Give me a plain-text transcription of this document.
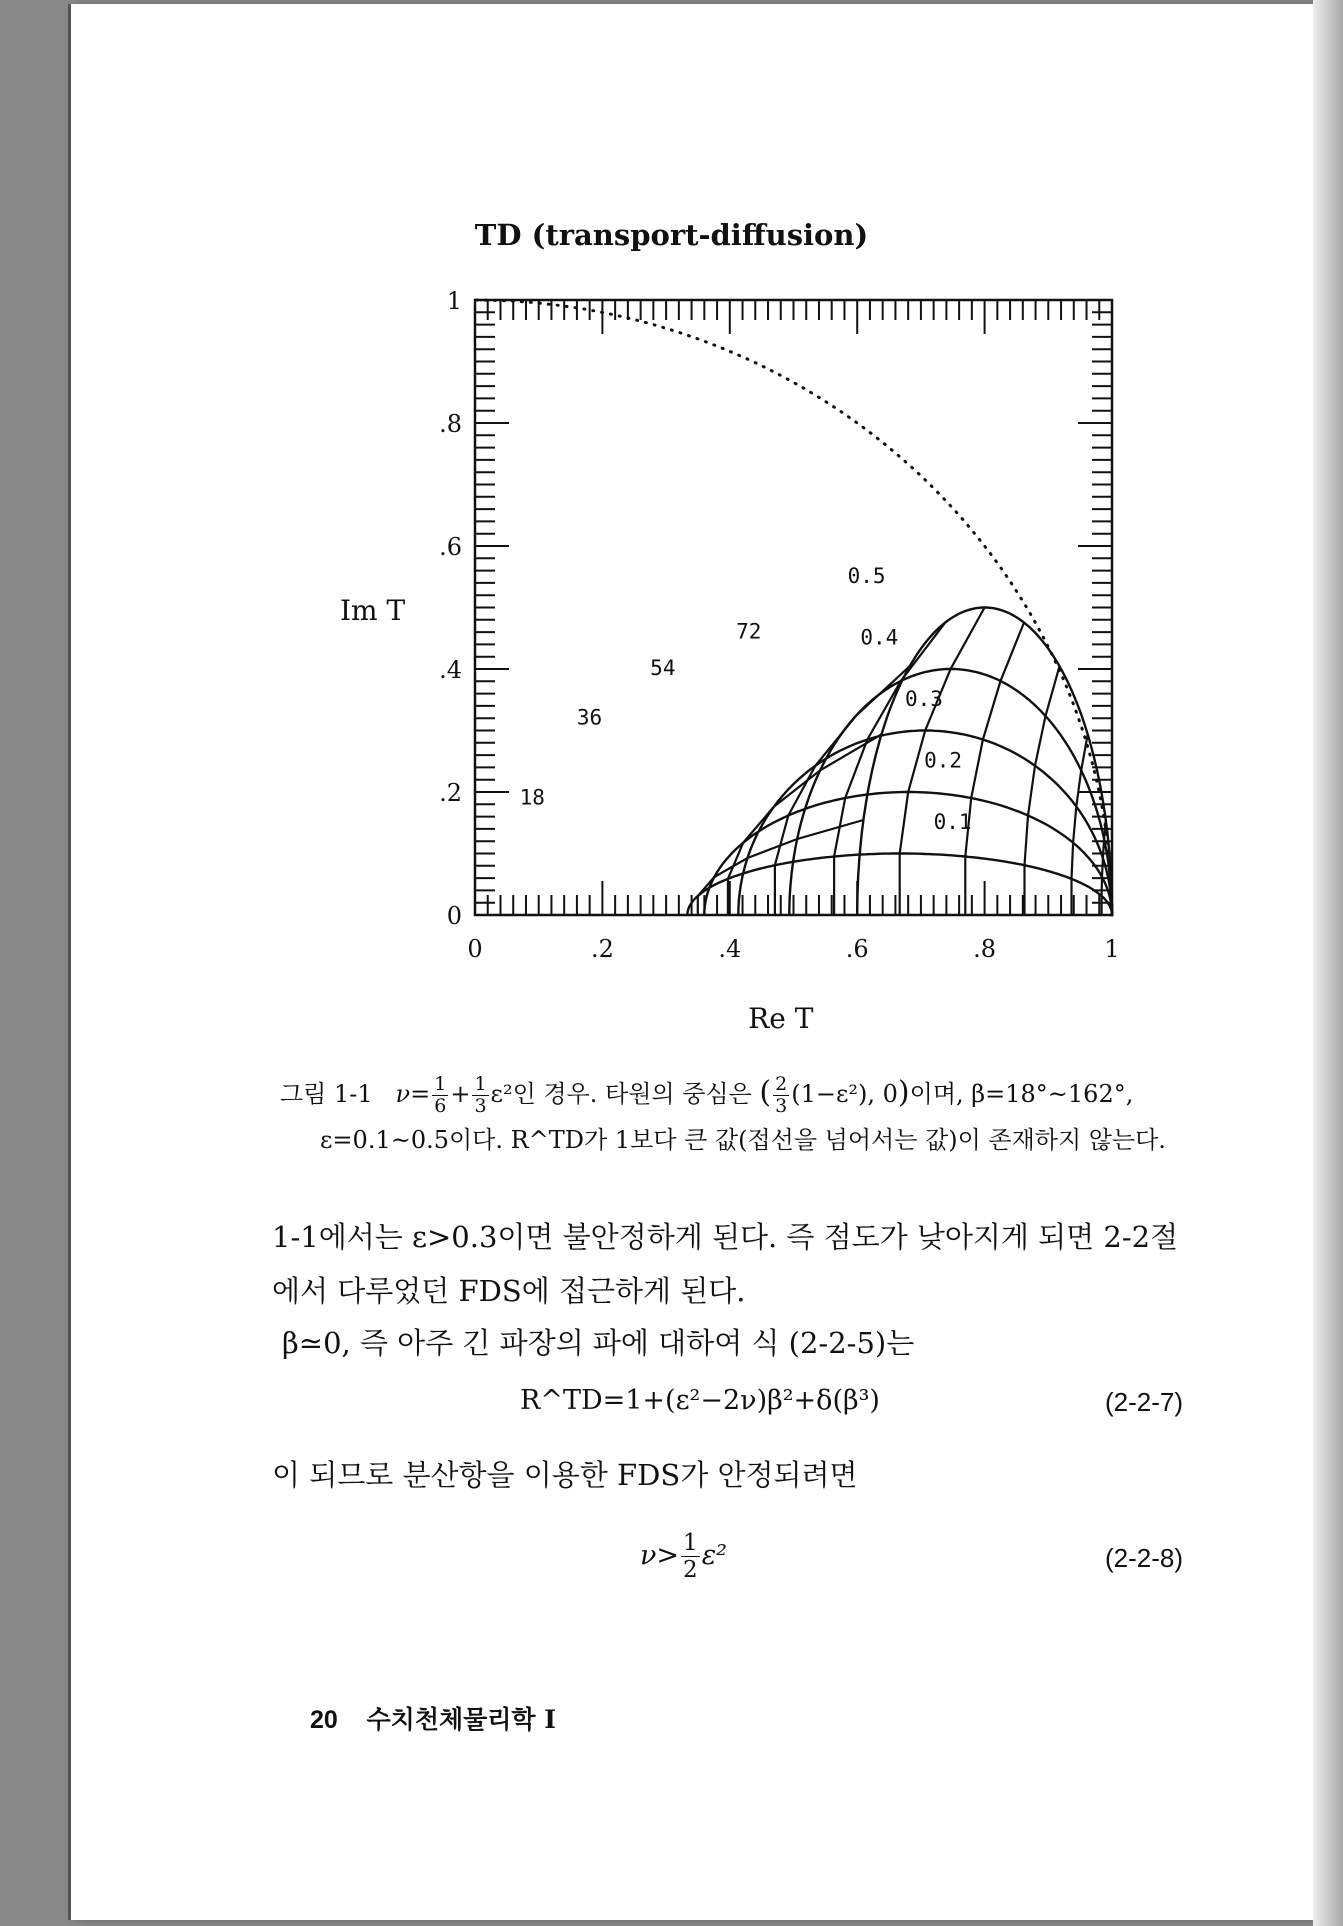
TD (transport-diffusion)
0	.2	.4	.6	.8	1
0
.2
.4
.6
.8
1
Im T
Re T
0.1
0.2
0.3
0.4
0.5
18
36
54
72
그림 1-1 $\nu= \frac{1}{6} + \frac{1}{3} \varepsilon^2$인 경우. 타원의 중심은 ( $\frac{2}{3} (1-\varepsilon^2)$, 0)이며, β=18°~162°,
ε=0.1~0.5이다. R^TD가 1보다 큰 값(접선을 넘어서는 값)이 존재하지 않는다.
1-1에서는 ε>0.3이면 불안정하게 된다. 즉 점도가 낮아지게 되면 2-2절 에서 다루었던 FDS에 접근하게 된다.
β≃0, 즉 아주 긴 파장의 파에 대하여 식 (2-2-5)는
R^TD=1+(ε²−2ν)β²+δ(β³)	(2-2-7)
이 되므로 분산항을 이용한 FDS가 안정되려면
$\nu> \frac{1}{2} \varepsilon^2$	(2-2-8)
20 수치천체물리학 I
